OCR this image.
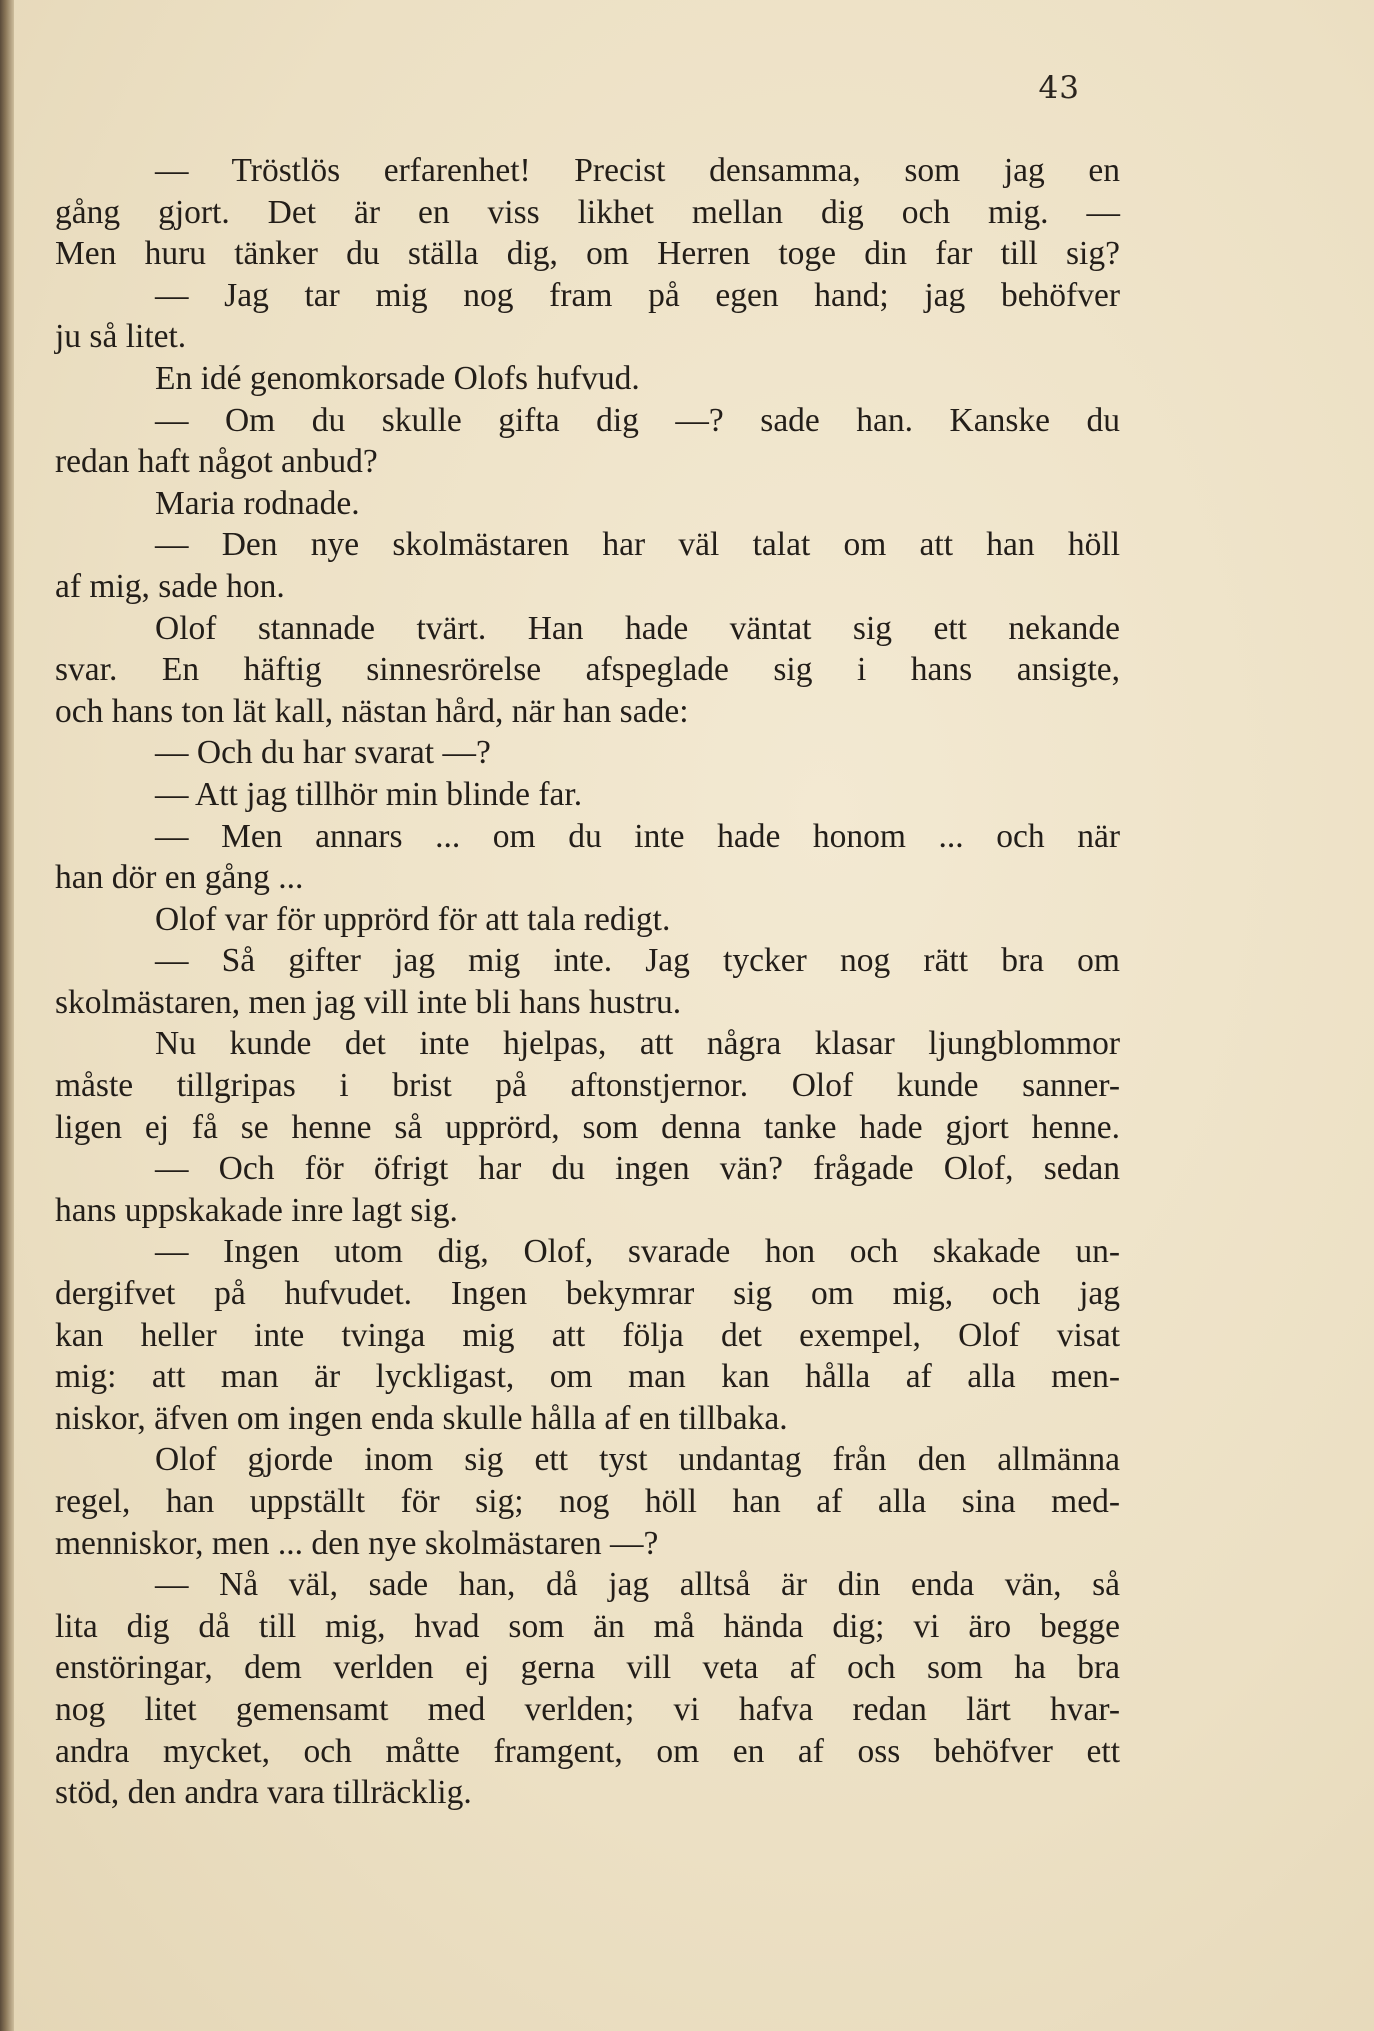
43
— Tröstlös erfarenhet! Precist densamma, som jag en
gång gjort. Det är en viss likhet mellan dig och mig. —
Men huru tänker du ställa dig, om Herren toge din far till sig?
— Jag tar mig nog fram på egen hand; jag behöfver
ju så litet.
En idé genomkorsade Olofs hufvud.
— Om du skulle gifta dig —? sade han. Kanske du
redan haft något anbud?
Maria rodnade.
— Den nye skolmästaren har väl talat om att han höll
af mig, sade hon.
Olof stannade tvärt. Han hade väntat sig ett nekande
svar. En häftig sinnesrörelse afspeglade sig i hans ansigte,
och hans ton lät kall, nästan hård, när han sade:
— Och du har svarat —?
— Att jag tillhör min blinde far.
— Men annars ... om du inte hade honom ... och när
han dör en gång ...
Olof var för upprörd för att tala redigt.
— Så gifter jag mig inte. Jag tycker nog rätt bra om
skolmästaren, men jag vill inte bli hans hustru.
Nu kunde det inte hjelpas, att några klasar ljungblommor
måste tillgripas i brist på aftonstjernor. Olof kunde sanner-
ligen ej få se henne så upprörd, som denna tanke hade gjort henne.
— Och för öfrigt har du ingen vän? frågade Olof, sedan
hans uppskakade inre lagt sig.
— Ingen utom dig, Olof, svarade hon och skakade un-
dergifvet på hufvudet. Ingen bekymrar sig om mig, och jag
kan heller inte tvinga mig att följa det exempel, Olof visat
mig: att man är lyckligast, om man kan hålla af alla men-
niskor, äfven om ingen enda skulle hålla af en tillbaka.
Olof gjorde inom sig ett tyst undantag från den allmänna
regel, han uppställt för sig; nog höll han af alla sina med-
menniskor, men ... den nye skolmästaren —?
— Nå väl, sade han, då jag alltså är din enda vän, så
lita dig då till mig, hvad som än må hända dig; vi äro begge
enstöringar, dem verlden ej gerna vill veta af och som ha bra
nog litet gemensamt med verlden; vi hafva redan lärt hvar-
andra mycket, och måtte framgent, om en af oss behöfver ett
stöd, den andra vara tillräcklig.
